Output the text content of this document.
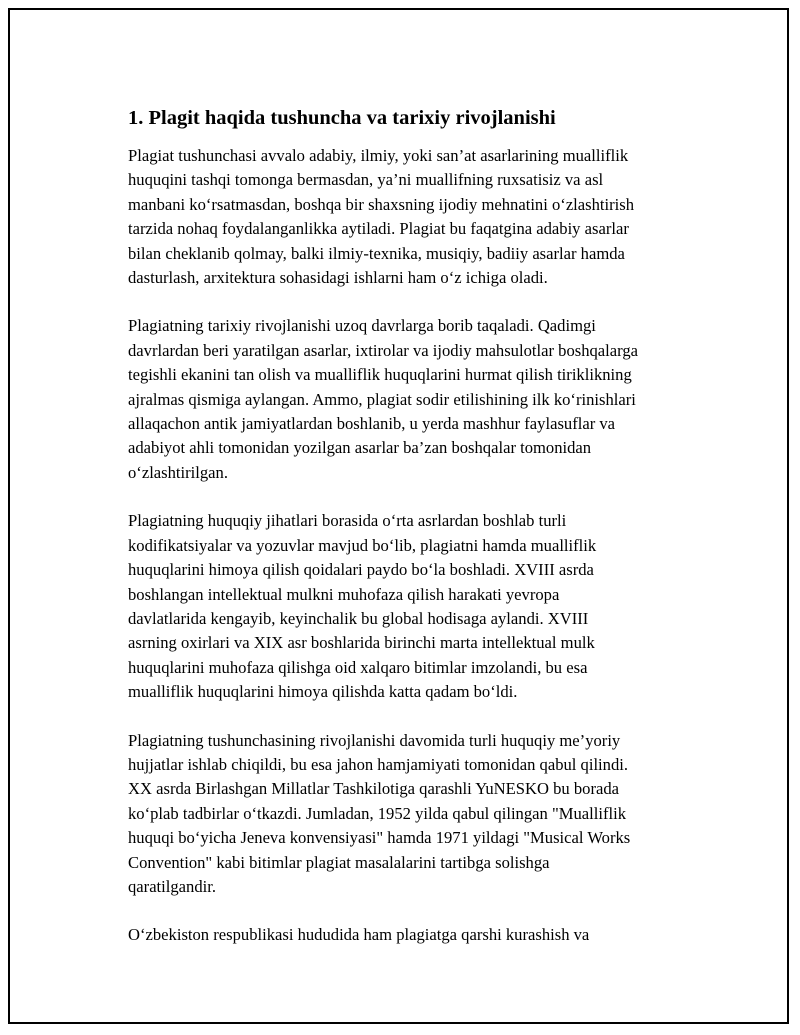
1. Plagit haqida tushuncha va tarixiy rivojlanishi

Plagiat tushunchasi avvalo adabiy, ilmiy, yoki san’at asarlarining mualliflik
huquqini tashqi tomonga bermasdan, ya’ni muallifning ruxsatisiz va asl
manbani ko‘rsatmasdan, boshqa bir shaxsning ijodiy mehnatini o‘zlashtirish
tarzida nohaq foydalanganlikka aytiladi. Plagiat bu faqatgina adabiy asarlar
bilan cheklanib qolmay, balki ilmiy-texnika, musiqiy, badiiy asarlar hamda
dasturlash, arxitektura sohasidagi ishlarni ham o‘z ichiga oladi.

Plagiatning tarixiy rivojlanishi uzoq davrlarga borib taqaladi. Qadimgi
davrlardan beri yaratilgan asarlar, ixtirolar va ijodiy mahsulotlar boshqalarga
tegishli ekanini tan olish va mualliflik huquqlarini hurmat qilish tiriklikning
ajralmas qismiga aylangan. Ammo, plagiat sodir etilishining ilk ko‘rinishlari
allaqachon antik jamiyatlardan boshlanib, u yerda mashhur faylasuflar va
adabiyot ahli tomonidan yozilgan asarlar ba’zan boshqalar tomonidan
o‘zlashtirilgan.

Plagiatning huquqiy jihatlari borasida o‘rta asrlardan boshlab turli
kodifikatsiyalar va yozuvlar mavjud bo‘lib, plagiatni hamda mualliflik
huquqlarini himoya qilish qoidalari paydo bo‘la boshladi. XVIII asrda
boshlangan intellektual mulkni muhofaza qilish harakati yevropa
davlatlarida kengayib, keyinchalik bu global hodisaga aylandi. XVIII
asrning oxirlari va XIX asr boshlarida birinchi marta intellektual mulk
huquqlarini muhofaza qilishga oid xalqaro bitimlar imzolandi, bu esa
mualliflik huquqlarini himoya qilishda katta qadam bo‘ldi.

Plagiatning tushunchasining rivojlanishi davomida turli huquqiy me’yoriy
hujjatlar ishlab chiqildi, bu esa jahon hamjamiyati tomonidan qabul qilindi.
XX asrda Birlashgan Millatlar Tashkilotiga qarashli YuNESKO bu borada
ko‘plab tadbirlar o‘tkazdi. Jumladan, 1952 yilda qabul qilingan "Mualliflik
huquqi bo‘yicha Jeneva konvensiyasi" hamda 1971 yildagi "Musical Works
Convention" kabi bitimlar plagiat masalalarini tartibga solishga
qaratilgandir.

O‘zbekiston respublikasi hududida ham plagiatga qarshi kurashish va
